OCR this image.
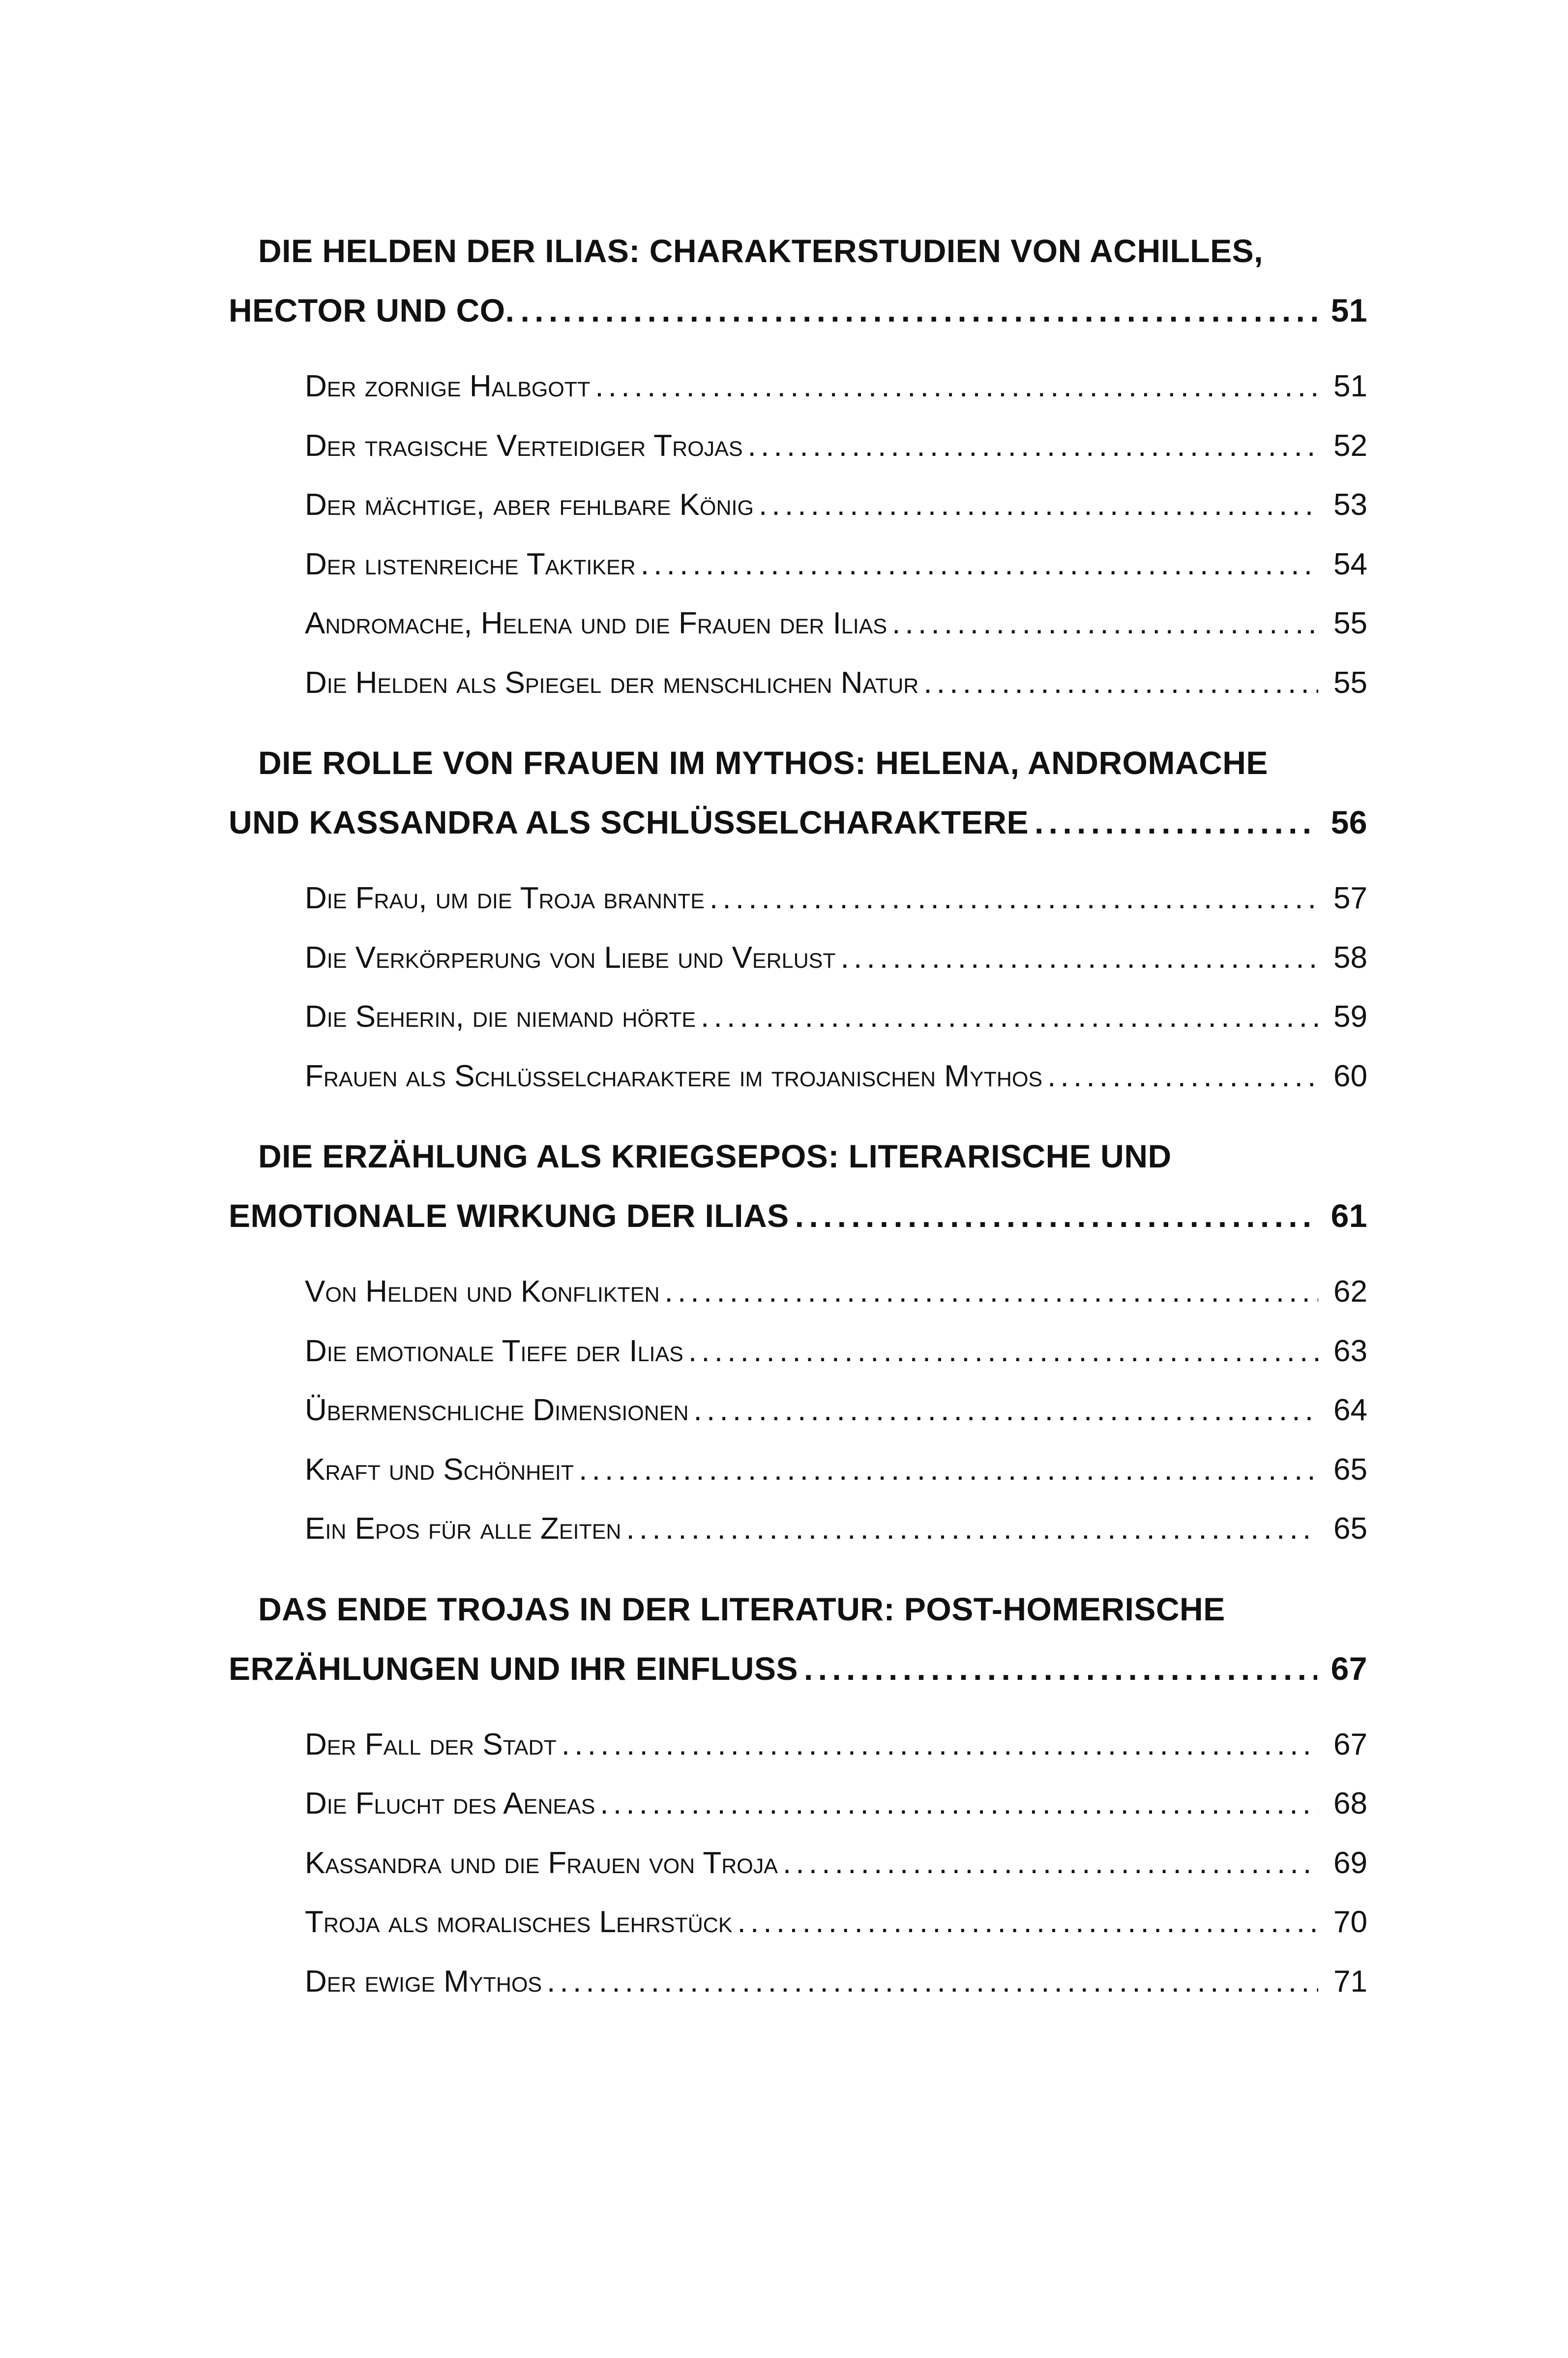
DIE HELDEN DER ILIAS: CHARAKTERSTUDIEN VON ACHILLES,
HECTOR UND CO. . . .	51
Der zornige Halbgott . . .	51
Der tragische Verteidiger Trojas . . .	52
Der mächtige, aber fehlbare König . . .	53
Der listenreiche Taktiker . . .	54
Andromache, Helena und die Frauen der Ilias . . .	55
Die Helden als Spiegel der menschlichen Natur . . .	55
DIE ROLLE VON FRAUEN IM MYTHOS: HELENA, ANDROMACHE
UND KASSANDRA ALS SCHLÜSSELCHARAKTERE . . .	56
Die Frau, um die Troja brannte . . .	57
Die Verkörperung von Liebe und Verlust . . .	58
Die Seherin, die niemand hörte . . .	59
Frauen als Schlüsselcharaktere im trojanischen Mythos . . .	60
DIE ERZÄHLUNG ALS KRIEGSEPOS: LITERARISCHE UND
EMOTIONALE WIRKUNG DER ILIAS . . .	61
Von Helden und Konflikten . . .	62
Die emotionale Tiefe der Ilias . . .	63
Übermenschliche Dimensionen . . .	64
Kraft und Schönheit . . .	65
Ein Epos für alle Zeiten . . .	65
DAS ENDE TROJAS IN DER LITERATUR: POST-HOMERISCHE
ERZÄHLUNGEN UND IHR EINFLUSS . . .	67
Der Fall der Stadt . . .	67
Die Flucht des Aeneas . . .	68
Kassandra und die Frauen von Troja . . .	69
Troja als moralisches Lehrstück . . .	70
Der ewige Mythos . . .	71
